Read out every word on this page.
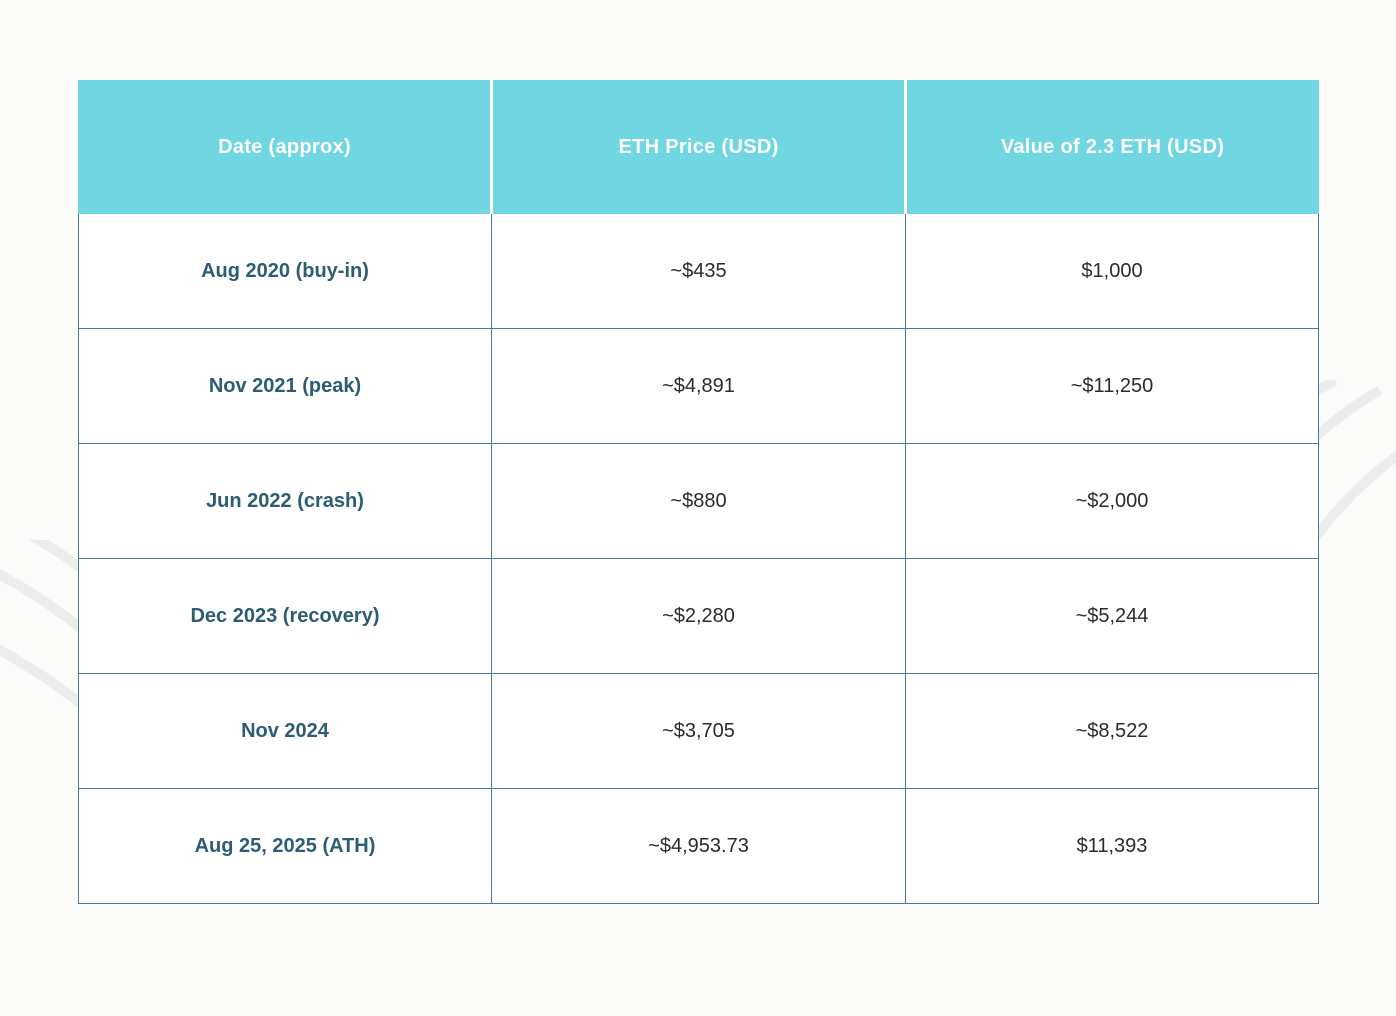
Date (approx)	ETH Price (USD)	Value of 2.3 ETH (USD)
Aug 2020 (buy-in)	~$435	$1,000
Nov 2021 (peak)	~$4,891	~$11,250
Jun 2022 (crash)	~$880	~$2,000
Dec 2023 (recovery)	~$2,280	~$5,244
Nov 2024	~$3,705	~$8,522
Aug 25, 2025 (ATH)	~$4,953.73	$11,393
